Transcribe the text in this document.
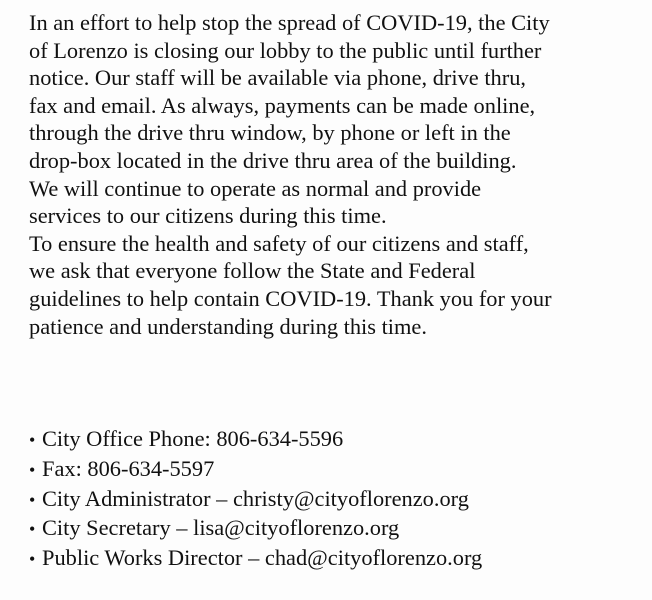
In an effort to help stop the spread of COVID-19, the City
of Lorenzo is closing our lobby to the public until further
notice. Our staff will be available via phone, drive thru,
fax and email. As always, payments can be made online,
through the drive thru window, by phone or left in the
drop-box located in the drive thru area of the building.
We will continue to operate as normal and provide
services to our citizens during this time.
To ensure the health and safety of our citizens and staff,
we ask that everyone follow the State and Federal
guidelines to help contain COVID-19. Thank you for your
patience and understanding during this time.
• City Office Phone: 806-634-5596
• Fax: 806-634-5597
• City Administrator – christy@cityoflorenzo.org
• City Secretary – lisa@cityoflorenzo.org
• Public Works Director – chad@cityoflorenzo.org
